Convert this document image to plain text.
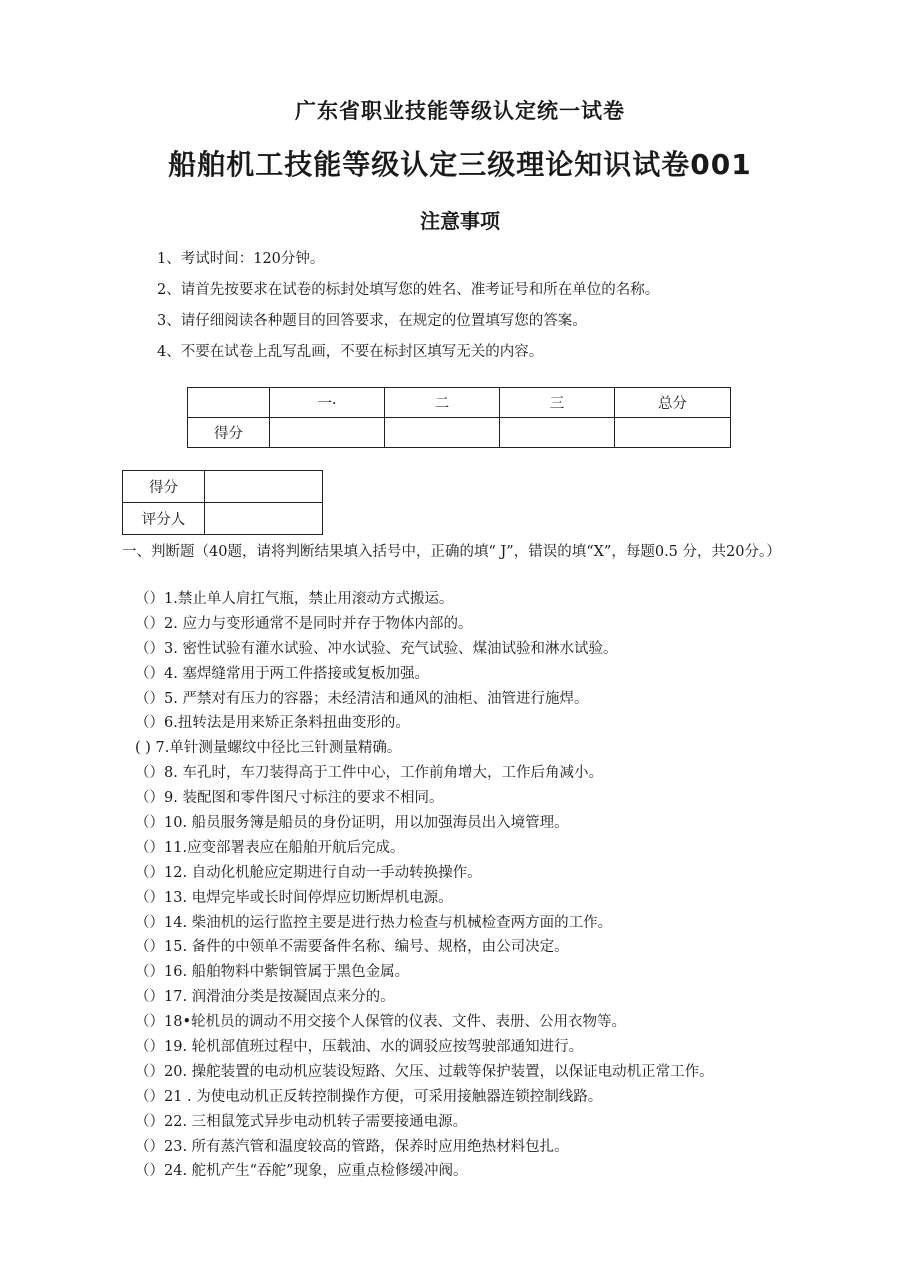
广东省职业技能等级认定统一试卷
船舶机工技能等级认定三级理论知识试卷001
注意事项
1、考试时间：120分钟。
2、请首先按要求在试卷的标封处填写您的姓名、准考证号和所在单位的名称。
3、请仔细阅读各种题目的回答要求，在规定的位置填写您的答案。
4、不要在试卷上乱写乱画，不要在标封区填写无关的内容。
	一·	二	三	总分
得分				
得分	
评分人	
一、判断题（40题，请将判断结果填入括号中，正确的填“ J”，错误的填“X”，每题0.5 分，共20分。）
（）1.禁止单人肩扛气瓶，禁止用滚动方式搬运。
（）2. 应力与变形通常不是同时并存于物体内部的。
（）3. 密性试验有灌水试验、冲水试验、充气试验、煤油试验和淋水试验。
（）4. 塞焊缝常用于两工件搭接或复板加强。
（）5. 严禁对有压力的容器；未经清洁和通风的油柜、油管进行施焊。
（）6.扭转法是用来矫正条料扭曲变形的。
( ) 7.单针测量螺纹中径比三针测量精确。
（）8. 车孔时，车刀装得高于工件中心，工作前角增大，工作后角减小。
（）9. 装配图和零件图尺寸标注的要求不相同。
（）10. 船员服务簿是船员的身份证明，用以加强海员出入境管理。
（）11.应变部署表应在船舶开航后完成。
（）12. 自动化机舱应定期进行自动一手动转换操作。
（）13. 电焊完毕或长时间停焊应切断焊机电源。
（）14. 柴油机的运行监控主要是进行热力检查与机械检查两方面的工作。
（）15. 备件的中领单不需要备件名称、编号、规格，由公司决定。
（）16. 船舶物料中紫铜管属于黑色金属。
（）17. 润滑油分类是按凝固点来分的。
（）18•轮机员的调动不用交接个人保管的仪表、文件、表册、公用衣物等。
（）19. 轮机部值班过程中，压载油、水的调驳应按驾驶部通知进行。
（）20. 操舵装置的电动机应装设短路、欠压、过载等保护装置，以保证电动机正常工作。
（）21 . 为使电动机正反转控制操作方便，可采用接触器连锁控制线路。
（）22. 三相鼠笼式异步电动机转子需要接通电源。
（）23. 所有蒸汽管和温度较高的管路，保养时应用绝热材料包扎。
（）24. 舵机产生“吞舵”现象，应重点检修缓冲阀。
